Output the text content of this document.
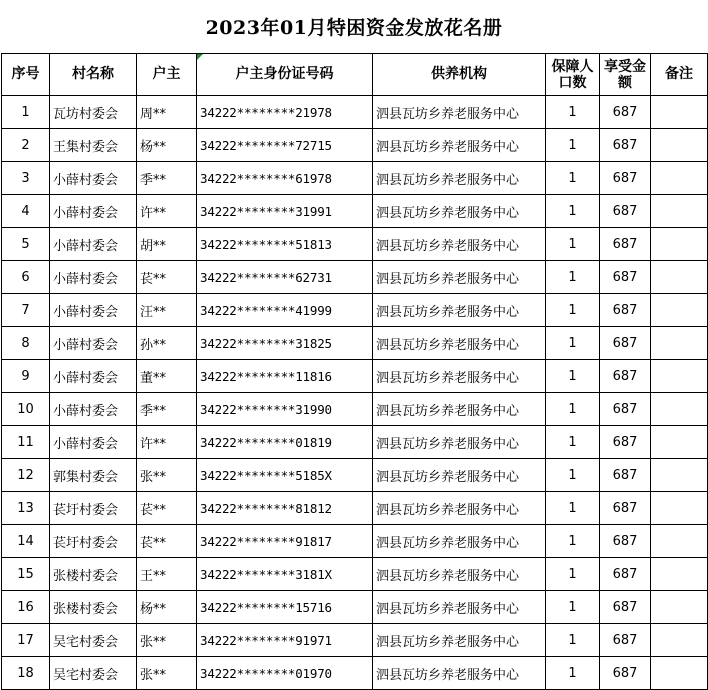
2023年01月特困资金发放花名册
序号	村名称	户主	户主身份证号码	供养机构	保障人口数	享受金额	备注
1	瓦坊村委会	周**	34222********21978	泗县瓦坊乡养老服务中心	1	687	
2	王集村委会	杨**	34222********72715	泗县瓦坊乡养老服务中心	1	687	
3	小薛村委会	季**	34222********61978	泗县瓦坊乡养老服务中心	1	687	
4	小薛村委会	许**	34222********31991	泗县瓦坊乡养老服务中心	1	687	
5	小薛村委会	胡**	34222********51813	泗县瓦坊乡养老服务中心	1	687	
6	小薛村委会	苌**	34222********62731	泗县瓦坊乡养老服务中心	1	687	
7	小薛村委会	汪**	34222********41999	泗县瓦坊乡养老服务中心	1	687	
8	小薛村委会	孙**	34222********31825	泗县瓦坊乡养老服务中心	1	687	
9	小薛村委会	董**	34222********11816	泗县瓦坊乡养老服务中心	1	687	
10	小薛村委会	季**	34222********31990	泗县瓦坊乡养老服务中心	1	687	
11	小薛村委会	许**	34222********01819	泗县瓦坊乡养老服务中心	1	687	
12	郭集村委会	张**	34222********5185X	泗县瓦坊乡养老服务中心	1	687	
13	苌圩村委会	苌**	34222********81812	泗县瓦坊乡养老服务中心	1	687	
14	苌圩村委会	苌**	34222********91817	泗县瓦坊乡养老服务中心	1	687	
15	张楼村委会	王**	34222********3181X	泗县瓦坊乡养老服务中心	1	687	
16	张楼村委会	杨**	34222********15716	泗县瓦坊乡养老服务中心	1	687	
17	吴宅村委会	张**	34222********91971	泗县瓦坊乡养老服务中心	1	687	
18	吴宅村委会	张**	34222********01970	泗县瓦坊乡养老服务中心	1	687	
